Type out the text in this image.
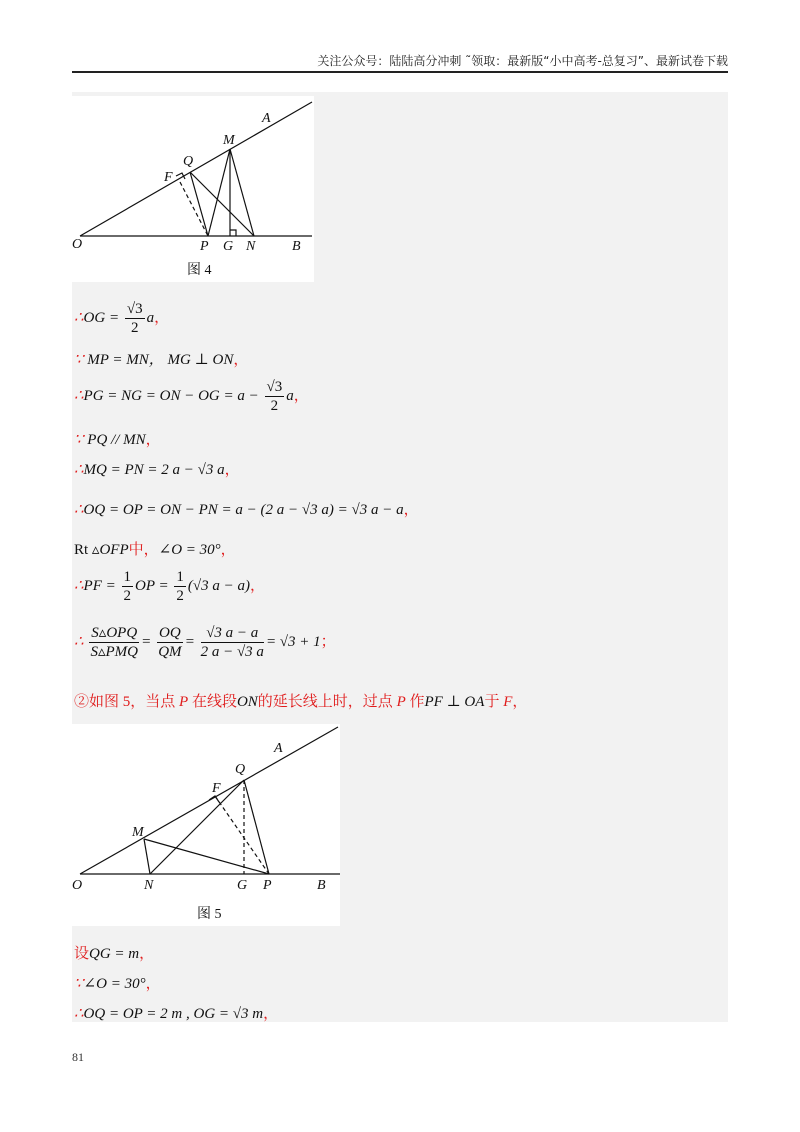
关注公众号：陆陆高分冲刺 ˜领取：最新版“小中高考-总复习”、最新试卷下载
A
M
Q
F
O	P G N	B
图 4
∴OG = $\frac{√3}{2}$ a，
∵ MP = MN， MG ⊥ ON，
∴PG = NG = ON − OG = $a - \frac{√3}{2}$ a，
∵ PQ // MN，
∴MQ = PN = 2 a − √3 a，
∴OQ = OP = ON − PN = a − (2 a − √3 a) = √3 a − a，
Rt ▵OFP中，∠O = 30°，
∴PF = $\frac{1}{2}$ OP = $\frac{1}{2} (√3$ a − a)，
∴ $\frac{\text{S▵OPQ}}{\text{S▵PMQ}} = \frac{OQ}{QM} = \frac{√3 a - a}{2 a - √3 a} = √3 + 1$；
②如图 5，当点 P 在线段ON的延长线上时，过点 P 作PF ⊥ OA于 F，
A
Q
F
M
O	N	G P	B
图 5
设QG = m，
∵∠O = 30°，
∴OQ = OP = 2 m , OG = √3 m，
81
